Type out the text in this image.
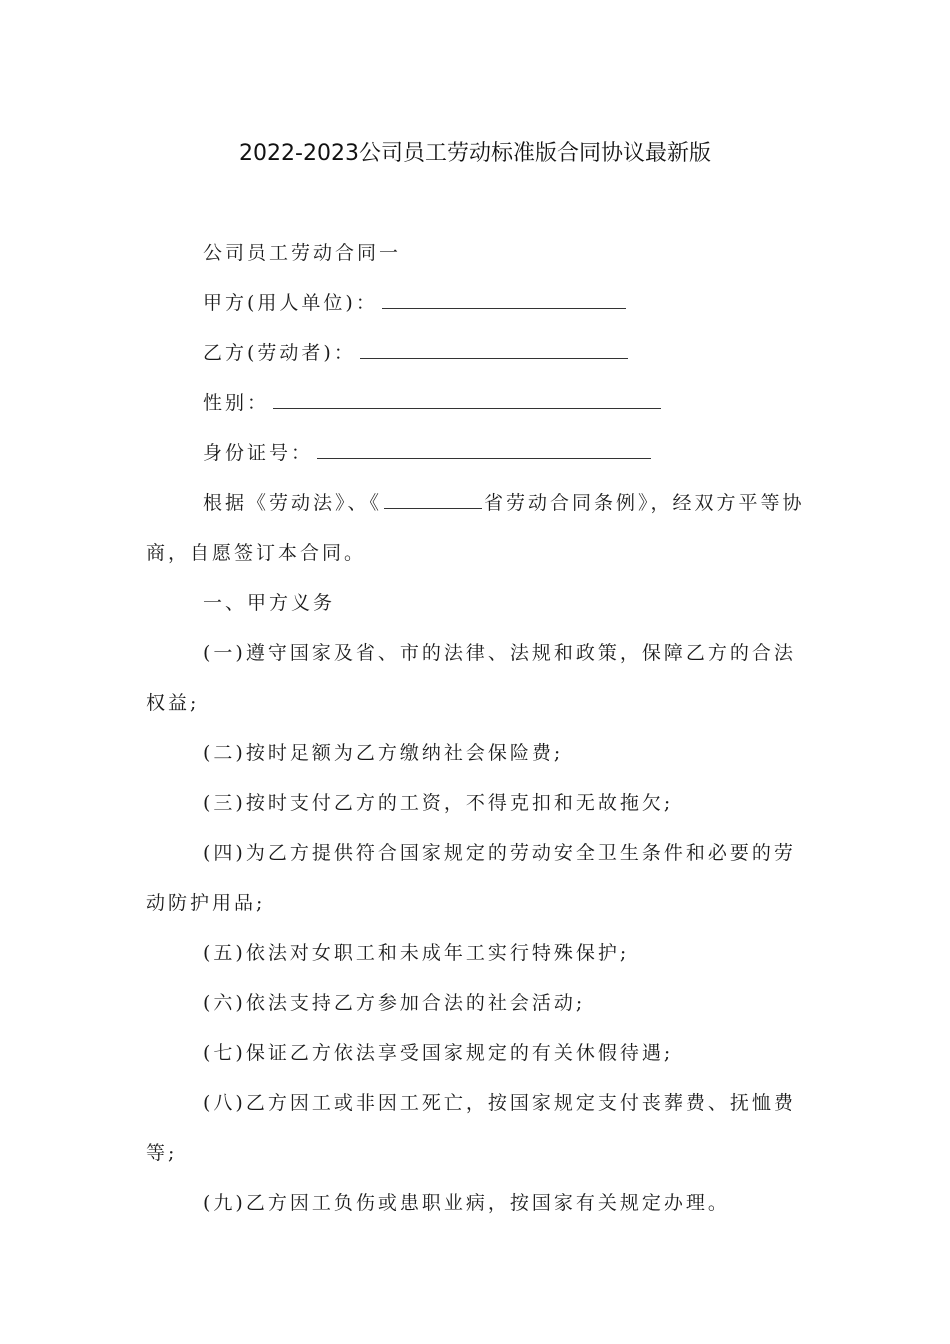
2022-2023公司员工劳动标准版合同协议最新版

公司员工劳动合同一

甲方(用人单位)：

乙方(劳动者)：

性别：

身份证号：

根据《劳动法》、《	省劳动合同条例》，经双方平等协商，自愿签订本合同。

一、甲方义务

(一)遵守国家及省、市的法律、法规和政策，保障乙方的合法权益;

(二)按时足额为乙方缴纳社会保险费;

(三)按时支付乙方的工资，不得克扣和无故拖欠;

(四)为乙方提供符合国家规定的劳动安全卫生条件和必要的劳动防护用品;

(五)依法对女职工和未成年工实行特殊保护;

(六)依法支持乙方参加合法的社会活动;

(七)保证乙方依法享受国家规定的有关休假待遇;

(八)乙方因工或非因工死亡，按国家规定支付丧葬费、抚恤费等;

(九)乙方因工负伤或患职业病，按国家有关规定办理。
